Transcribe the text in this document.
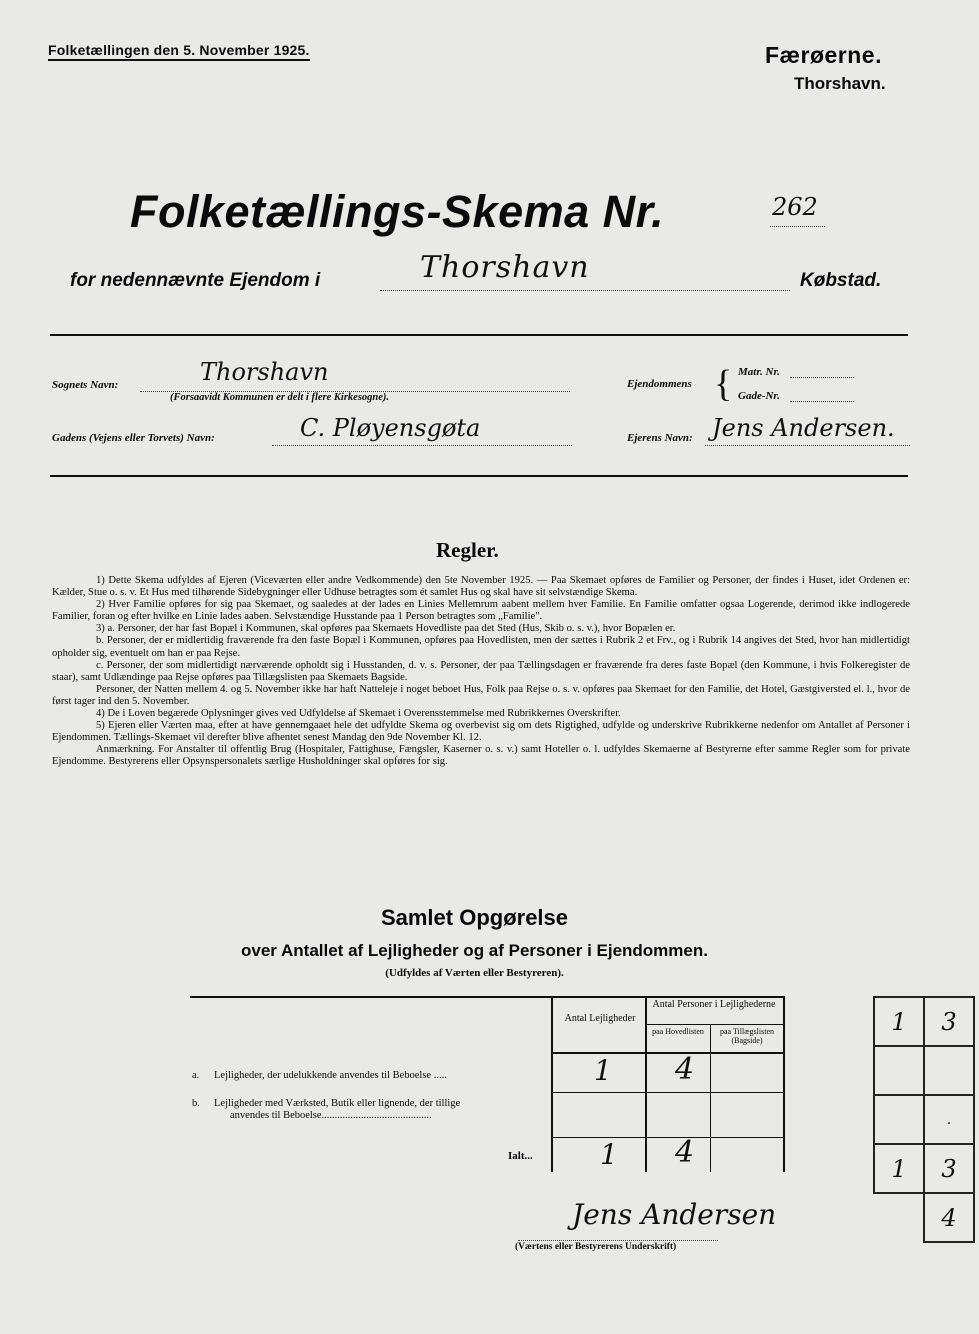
Folketællingen den 5. November 1925.	Færøerne.
Thorshavn.
Folketællings-Skema Nr.	262
for nedennævnte Ejendom i	Thorshavn	Købstad.
Sognets Navn:	Thorshavn
(Forsaavidt Kommunen er delt i flere Kirkesogne).
Ejendommens { Matr. Nr.
Gade-Nr.
Gadens (Vejens eller Torvets) Navn:	C. Pløyensgøta	Ejerens Navn: Jens Andersen.
Regler.

1) Dette Skema udfyldes af Ejeren (Viceværten eller andre Vedkommende) den 5te November 1925. — Paa Skemaet opføres de Familier og Personer, der findes i Huset, idet Ordenen er: Kælder, Stue o. s. v. Et Hus med tilhørende Sidebygninger eller Udhuse betragtes som ét samlet Hus og skal have sit selvstændige Skema.

2) Hver Familie opføres for sig paa Skemaet, og saaledes at der lades en Linies Mellemrum aabent mellem hver Familie. En Familie omfatter ogsaa Logerende, derimod ikke indlogerede Familier, foran og efter hvilke en Linie lades aaben. Selvstændige Husstande paa 1 Person betragtes som „Familie".

3) a. Personer, der har fast Bopæl i Kommunen, skal opføres paa Skemaets Hovedliste paa det Sted (Hus, Skib o. s. v.), hvor Bopælen er.

b. Personer, der er midlertidig fraværende fra den faste Bopæl i Kommunen, opføres paa Hovedlisten, men der sættes i Rubrik 2 et Frv., og i Rubrik 14 angives det Sted, hvor han midlertidigt opholder sig, eventuelt om han er paa Rejse.

c. Personer, der som midlertidigt nærværende opholdt sig i Husstanden, d. v. s. Personer, der paa Tællingsdagen er fraværende fra deres faste Bopæl (den Kommune, i hvis Folkeregister de staar), samt Udlændinge paa Rejse opføres paa Tillægslisten paa Skemaets Bagside.

Personer, der Natten mellem 4. og 5. November ikke har haft Natteleje i noget beboet Hus, Folk paa Rejse o. s. v. opføres paa Skemaet for den Familie, det Hotel, Gæstgiversted el. l., hvor de først tager ind den 5. November.

4) De i Loven begærede Oplysninger gives ved Udfyldelse af Skemaet i Overensstemmelse med Rubrikkernes Overskrifter.

5) Ejeren eller Værten maa, efter at have gennemgaaet hele det udfyldte Skema og overbevist sig om dets Rigtighed, udfylde og underskrive Rubrikkerne nedenfor om Antallet af Personer i Ejendommen. Tællings-Skemaet vil derefter blive afhentet senest Mandag den 9de November Kl. 12.

Anmærkning. For Anstalter til offentlig Brug (Hospitaler, Fattighuse, Fængsler, Kaserner o. s. v.) samt Hoteller o. l. udfyldes Skemaerne af Bestyrerne efter samme Regler som for private Ejendomme. Bestyrerens eller Opsynspersonalets særlige Husholdninger skal opføres for sig.

Samlet Opgørelse
over Antallet af Lejligheder og af Personer i Ejendommen.
(Udfyldes af Værten eller Bestyreren).
Antal Lejligheder
Antal Personer i Lejlighederne
paa Hovedlisten	paa Tillægslisten (Bagside)
a. Lejligheder, der udelukkende anvendes til Beboelse .....	1 4
b. Lejligheder med Værksted, Butik eller lignende, der tillige
anvendes til Beboelse..........................................
Ialt... 1 4
Jens Andersen
(Værtens eller Bestyrerens Underskrift)
1	3

	.
1	3
	4
